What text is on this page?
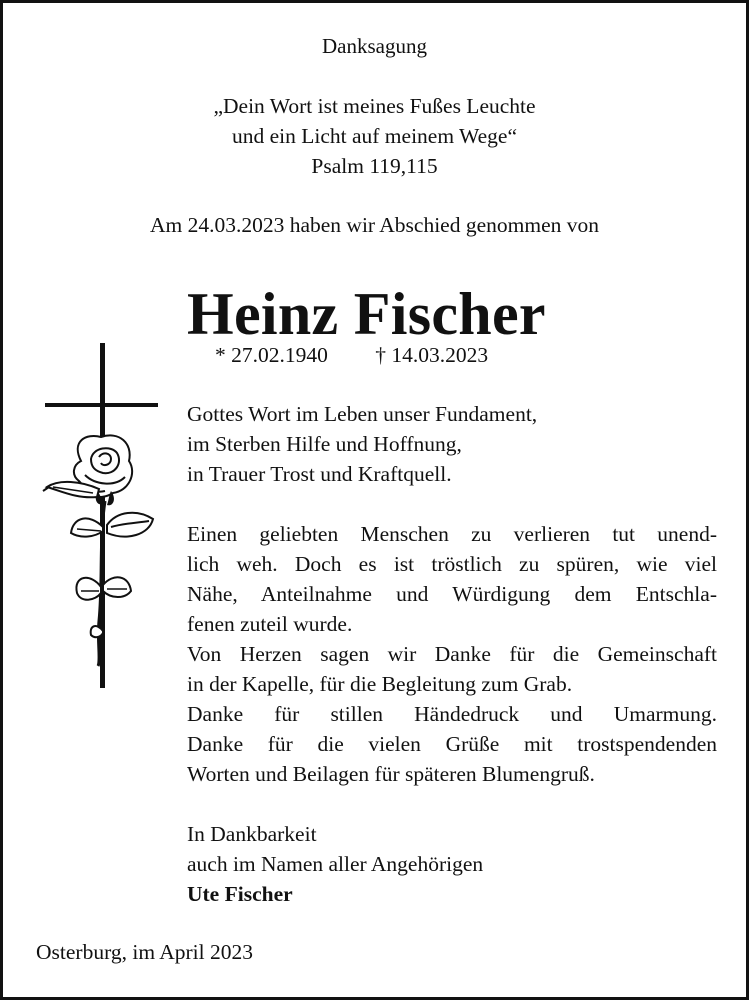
Danksagung
„Dein Wort ist meines Fußes Leuchte
und ein Licht auf meinem Wege“
Psalm 119,115
Am 24.03.2023 haben wir Abschied genommen von
Heinz Fischer
* 27.02.1940 † 14.03.2023
Gottes Wort im Leben unser Fundament,
im Sterben Hilfe und Hoffnung,
in Trauer Trost und Kraftquell.
Einen geliebten Menschen zu verlieren tut unend-
lich weh. Doch es ist tröstlich zu spüren, wie viel
Nähe, Anteilnahme und Würdigung dem Entschla-
fenen zuteil wurde.
Von Herzen sagen wir Danke für die Gemeinschaft
in der Kapelle, für die Begleitung zum Grab.
Danke für stillen Händedruck und Umarmung.
Danke für die vielen Grüße mit trostspendenden
Worten und Beilagen für späteren Blumengruß.
In Dankbarkeit
auch im Namen aller Angehörigen
Ute Fischer
Osterburg, im April 2023
